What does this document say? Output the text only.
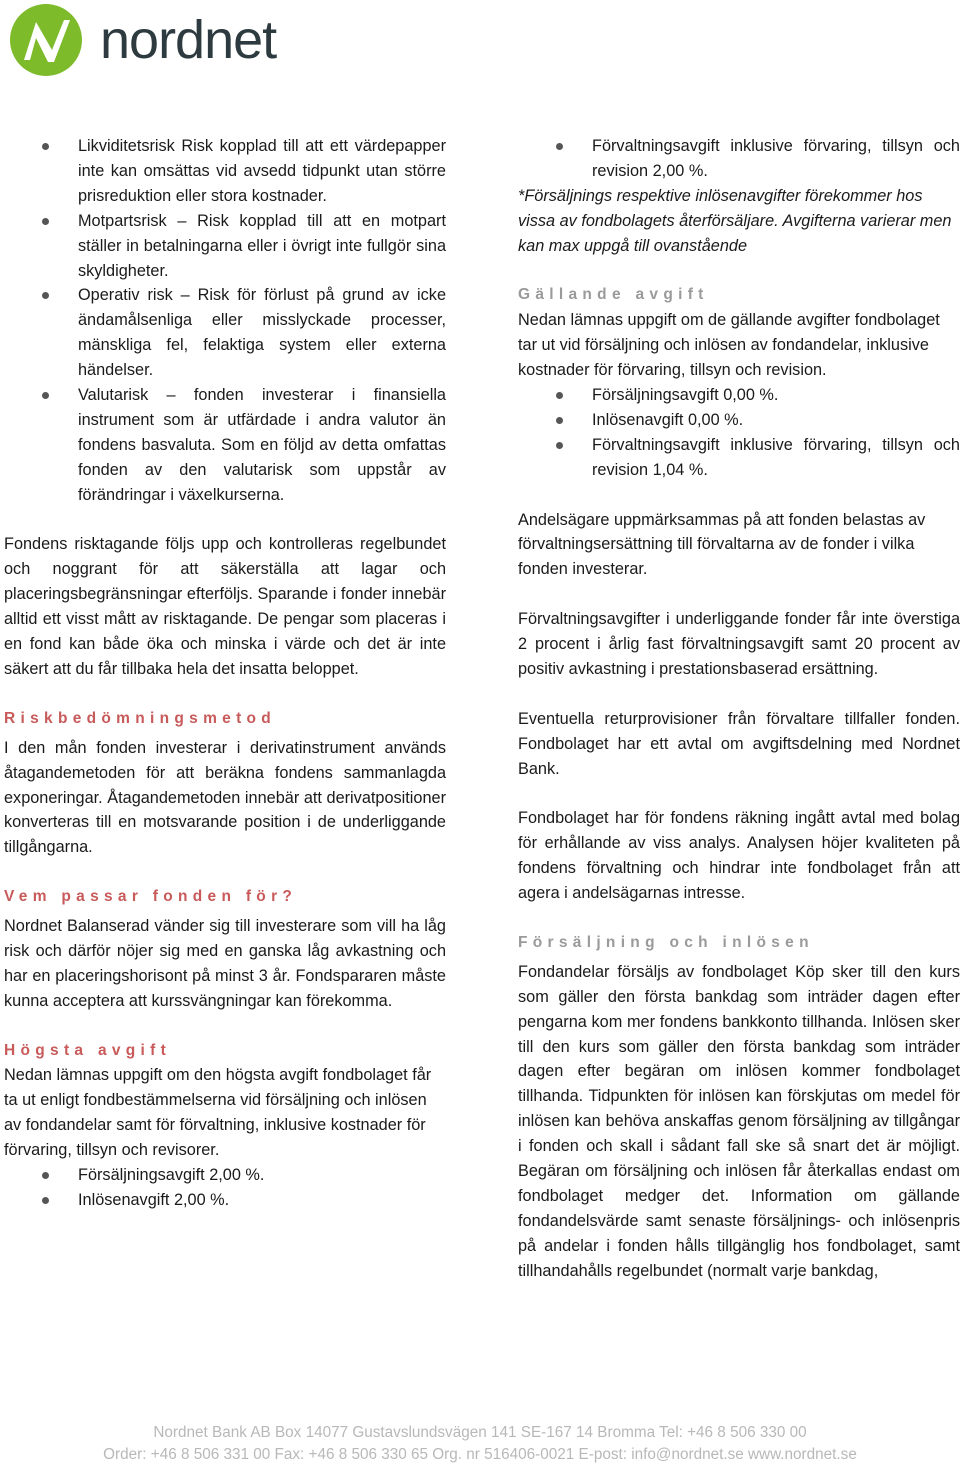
nordnet
Likviditetsrisk Risk kopplad till att ett värdepapper inte kan omsättas vid avsedd tidpunkt utan större prisreduktion eller stora kostnader.
Motpartsrisk – Risk kopplad till att en motpart ställer in betalningarna eller i övrigt inte fullgör sina skyldigheter.
Operativ risk – Risk för förlust på grund av icke ändamålsenliga eller misslyckade processer, mänskliga fel, felaktiga system eller externa händelser.
Valutarisk – fonden investerar i finansiella instrument som är utfärdade i andra valutor än fondens basvaluta. Som en följd av detta omfattas fonden av den valutarisk som uppstår av förändringar i växelkurserna.

Fondens risktagande följs upp och kontrolleras regelbundet och noggrant för att säkerställa att lagar och placeringsbegränsningar efterföljs. Sparande i fonder innebär alltid ett visst mått av risktagande. De pengar som placeras i en fond kan både öka och minska i värde och det är inte säkert att du får tillbaka hela det insatta beloppet.

Riskbedömningsmetod

I den mån fonden investerar i derivatinstrument används åtagandemetoden för att beräkna fondens sammanlagda exponeringar. Åtagandemetoden innebär att derivatpositioner konverteras till en motsvarande position i de underliggande tillgångarna.

Vem passar fonden för?

Nordnet Balanserad vänder sig till investerare som vill ha låg risk och därför nöjer sig med en ganska låg avkastning och har en placeringshorisont på minst 3 år. Fondspararen måste kunna acceptera att kurssvängningar kan förekomma.

Högsta avgift

Nedan lämnas uppgift om den högsta avgift fondbolaget får ta ut enligt fondbestämmelserna vid försäljning och inlösen av fondandelar samt för förvaltning, inklusive kostnader för förvaring, tillsyn och revisorer.

Försäljningsavgift 2,00 %.
Inlösenavgift 2,00 %.
Förvaltningsavgift inklusive förvaring, tillsyn och revision 2,00 %.

*Försäljnings respektive inlösenavgifter förekommer hos vissa av fondbolagets återförsäljare. Avgifterna varierar men kan max uppgå till ovanstående

Gällande avgift

Nedan lämnas uppgift om de gällande avgifter fondbolaget tar ut vid försäljning och inlösen av fondandelar, inklusive kostnader för förvaring, tillsyn och revision.

Försäljningsavgift 0,00 %.
Inlösenavgift 0,00 %.
Förvaltningsavgift inklusive förvaring, tillsyn och revision 1,04 %.

Andelsägare uppmärksammas på att fonden belastas av förvaltningsersättning till förvaltarna av de fonder i vilka fonden investerar.

Förvaltningsavgifter i underliggande fonder får inte överstiga 2 procent i årlig fast förvaltningsavgift samt 20 procent av positiv avkastning i prestationsbaserad ersättning.

Eventuella returprovisioner från förvaltare tillfaller fonden. Fondbolaget har ett avtal om avgiftsdelning med Nordnet Bank.

Fondbolaget har för fondens räkning ingått avtal med bolag för erhållande av viss analys. Analysen höjer kvaliteten på fondens förvaltning och hindrar inte fondbolaget från att agera i andelsägarnas intresse.

Försäljning och inlösen

Fondandelar försäljs av fondbolaget Köp sker till den kurs som gäller den första bankdag som inträder dagen efter pengarna kom mer fondens bankkonto tillhanda. Inlösen sker till den kurs som gäller den första bankdag som inträder dagen efter begäran om inlösen kommer fondbolaget tillhanda. Tidpunkten för inlösen kan förskjutas om medel för inlösen kan behöva anskaffas genom försäljning av tillgångar i fonden och skall i sådant fall ske så snart det är möjligt. Begäran om försäljning och inlösen får återkallas endast om fondbolaget medger det. Information om gällande fondandelsvärde samt senaste försäljnings- och inlösenpris på andelar i fonden hålls tillgänglig hos fondbolaget, samt tillhandahålls regelbundet (normalt varje bankdag,

Nordnet Bank AB Box 14077 Gustavslundsvägen 141 SE-167 14 Bromma Tel: +46 8 506 330 00
Order: +46 8 506 331 00 Fax: +46 8 506 330 65 Org. nr 516406-0021 E-post: info@nordnet.se www.nordnet.se
